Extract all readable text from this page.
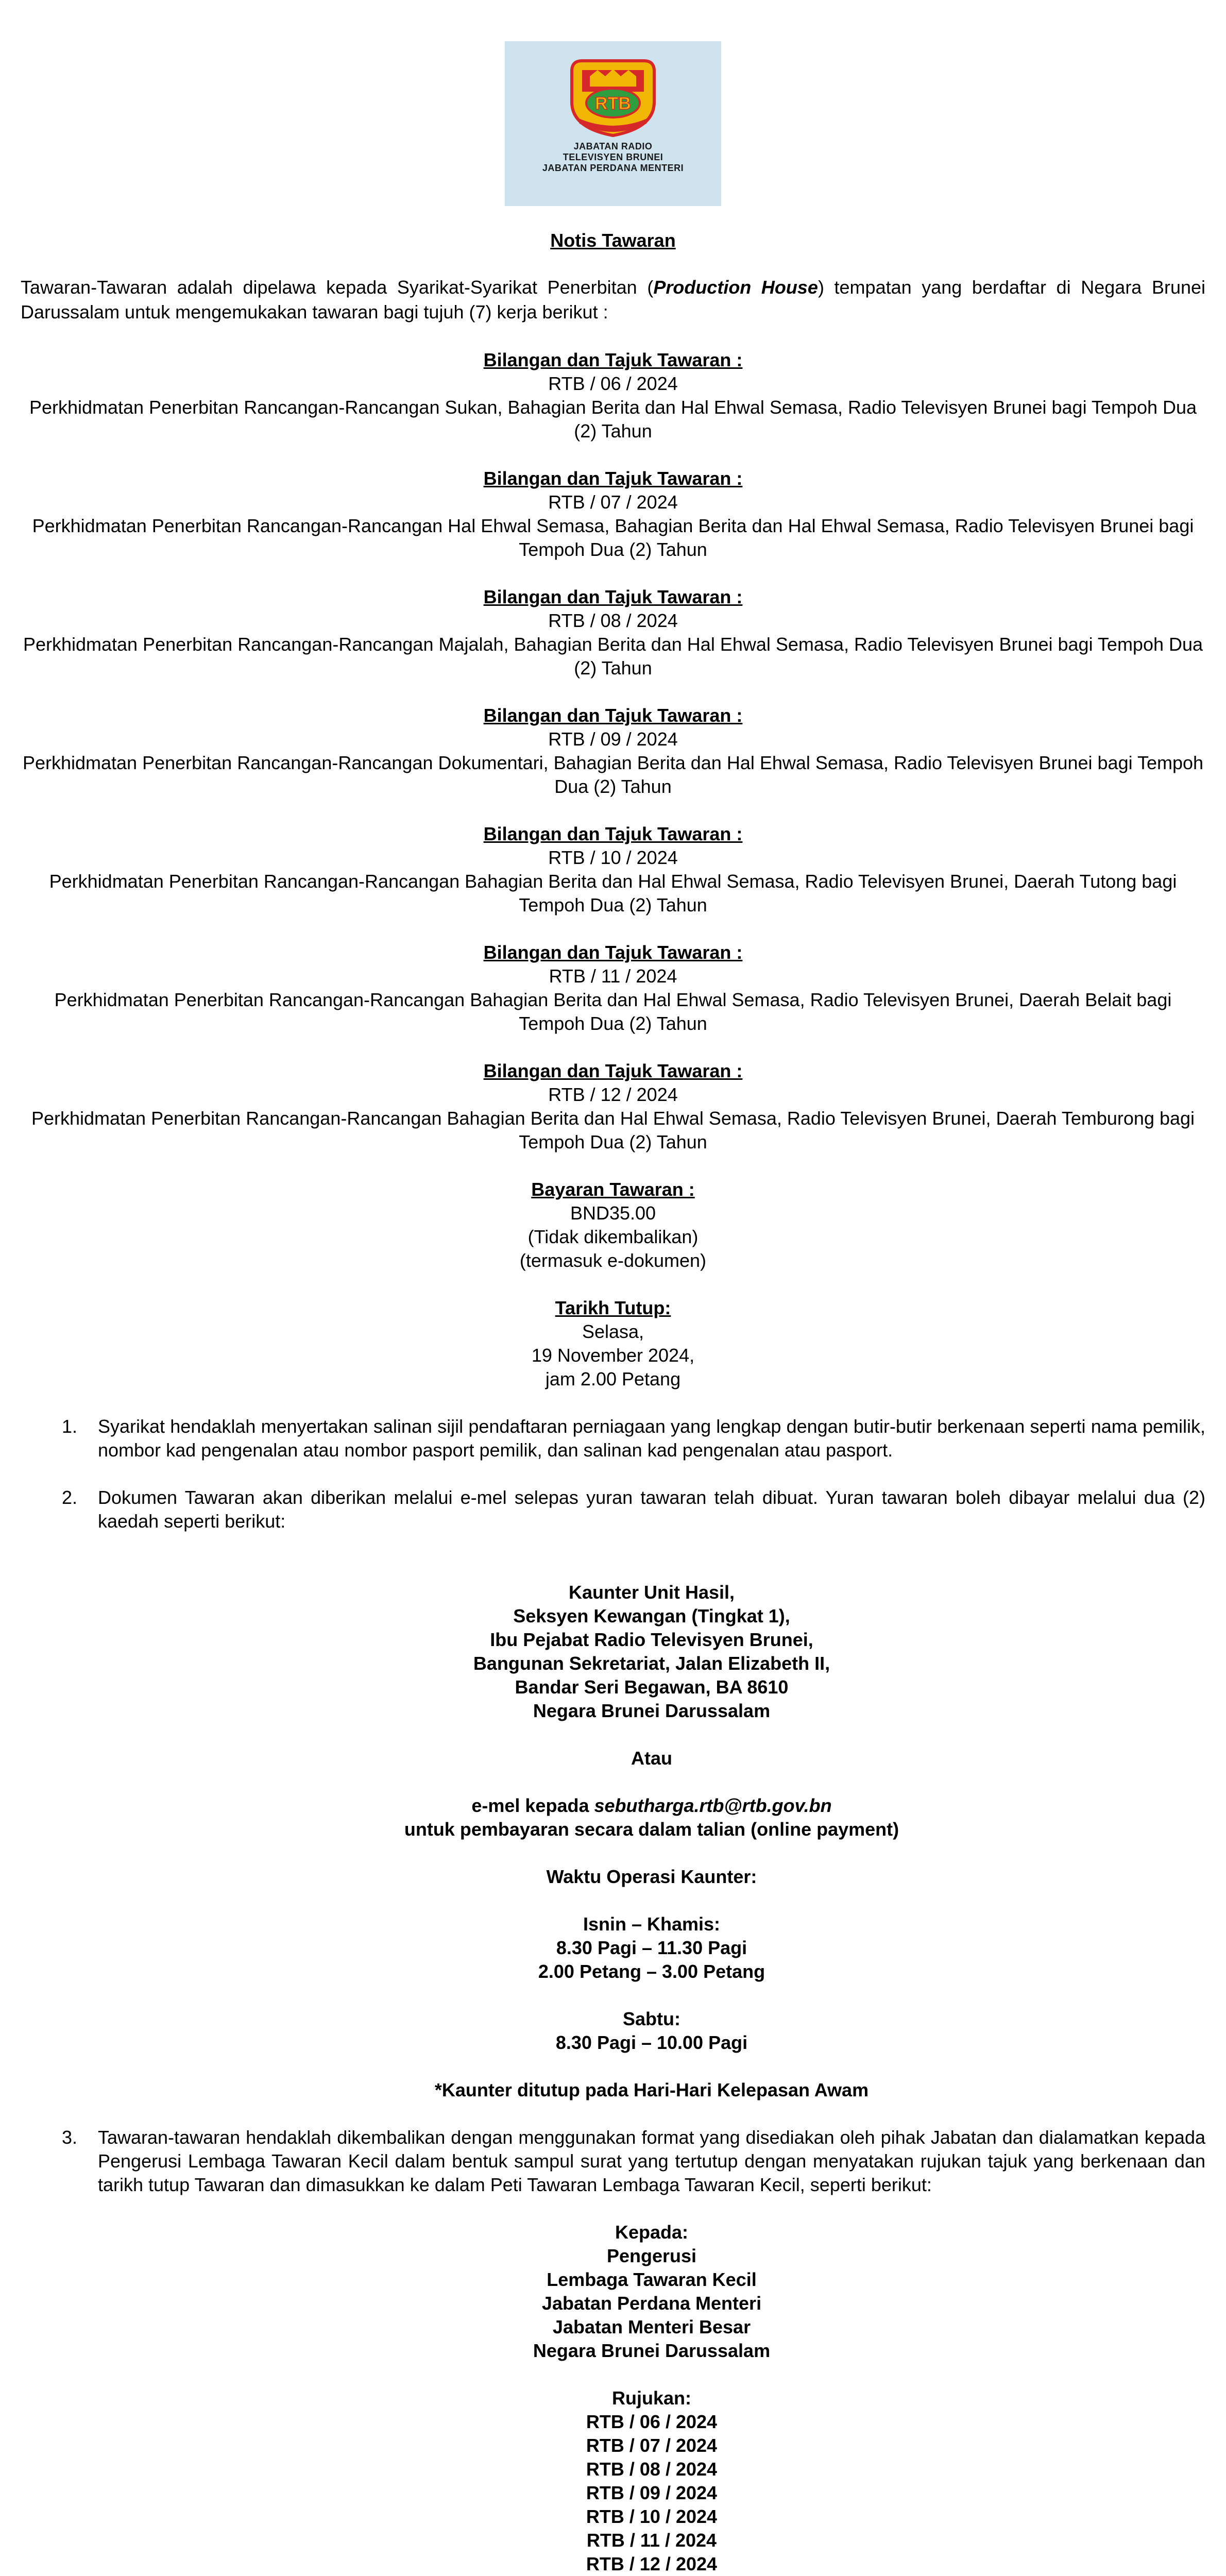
RTB
JABATAN RADIO
TELEVISYEN BRUNEI
JABATAN PERDANA MENTERI
Notis Tawaran

Tawaran-Tawaran adalah dipelawa kepada Syarikat-Syarikat Penerbitan (Production House) tempatan yang berdaftar di Negara Brunei Darussalam untuk mengemukakan tawaran bagi tujuh (7) kerja berikut :

Bilangan dan Tajuk Tawaran :
RTB / 06 / 2024
Perkhidmatan Penerbitan Rancangan-Rancangan Sukan, Bahagian Berita dan Hal Ehwal Semasa, Radio Televisyen Brunei bagi Tempoh Dua (2) Tahun
Bilangan dan Tajuk Tawaran :
RTB / 07 / 2024
Perkhidmatan Penerbitan Rancangan-Rancangan Hal Ehwal Semasa, Bahagian Berita dan Hal Ehwal Semasa, Radio Televisyen Brunei bagi Tempoh Dua (2) Tahun
Bilangan dan Tajuk Tawaran :
RTB / 08 / 2024
Perkhidmatan Penerbitan Rancangan-Rancangan Majalah, Bahagian Berita dan Hal Ehwal Semasa, Radio Televisyen Brunei bagi Tempoh Dua (2) Tahun
Bilangan dan Tajuk Tawaran :
RTB / 09 / 2024
Perkhidmatan Penerbitan Rancangan-Rancangan Dokumentari, Bahagian Berita dan Hal Ehwal Semasa, Radio Televisyen Brunei bagi Tempoh Dua (2) Tahun
Bilangan dan Tajuk Tawaran :
RTB / 10 / 2024
Perkhidmatan Penerbitan Rancangan-Rancangan Bahagian Berita dan Hal Ehwal Semasa, Radio Televisyen Brunei, Daerah Tutong bagi Tempoh Dua (2) Tahun
Bilangan dan Tajuk Tawaran :
RTB / 11 / 2024
Perkhidmatan Penerbitan Rancangan-Rancangan Bahagian Berita dan Hal Ehwal Semasa, Radio Televisyen Brunei, Daerah Belait bagi Tempoh Dua (2) Tahun
Bilangan dan Tajuk Tawaran :
RTB / 12 / 2024
Perkhidmatan Penerbitan Rancangan-Rancangan Bahagian Berita dan Hal Ehwal Semasa, Radio Televisyen Brunei, Daerah Temburong bagi Tempoh Dua (2) Tahun
Bayaran Tawaran :
BND35.00
(Tidak dikembalikan)
(termasuk e-dokumen)
Tarikh Tutup:
Selasa,
19 November 2024,
jam 2.00 Petang
1.	Syarikat hendaklah menyertakan salinan sijil pendaftaran perniagaan yang lengkap dengan butir-butir berkenaan seperti nama pemilik, nombor kad pengenalan atau nombor pasport pemilik, dan salinan kad pengenalan atau pasport.
2.	Dokumen Tawaran akan diberikan melalui e-mel selepas yuran tawaran telah dibuat. Yuran tawaran boleh dibayar melalui dua (2) kaedah seperti berikut:
Kaunter Unit Hasil,
Seksyen Kewangan (Tingkat 1),
Ibu Pejabat Radio Televisyen Brunei,
Bangunan Sekretariat, Jalan Elizabeth II,
Bandar Seri Begawan, BA 8610
Negara Brunei Darussalam
Atau
e-mel kepada sebutharga.rtb@rtb.gov.bn
untuk pembayaran secara dalam talian (online payment)
Waktu Operasi Kaunter:
Isnin – Khamis:
8.30 Pagi – 11.30 Pagi
2.00 Petang – 3.00 Petang
Sabtu:
8.30 Pagi – 10.00 Pagi
*Kaunter ditutup pada Hari-Hari Kelepasan Awam
3.	Tawaran-tawaran hendaklah dikembalikan dengan menggunakan format yang disediakan oleh pihak Jabatan dan dialamatkan kepada Pengerusi Lembaga Tawaran Kecil dalam bentuk sampul surat yang tertutup dengan menyatakan rujukan tajuk yang berkenaan dan tarikh tutup Tawaran dan dimasukkan ke dalam Peti Tawaran Lembaga Tawaran Kecil, seperti berikut:
Kepada:
Pengerusi
Lembaga Tawaran Kecil
Jabatan Perdana Menteri
Jabatan Menteri Besar
Negara Brunei Darussalam
Rujukan:
RTB / 06 / 2024
RTB / 07 / 2024
RTB / 08 / 2024
RTB / 09 / 2024
RTB / 10 / 2024
RTB / 11 / 2024
RTB / 12 / 2024
